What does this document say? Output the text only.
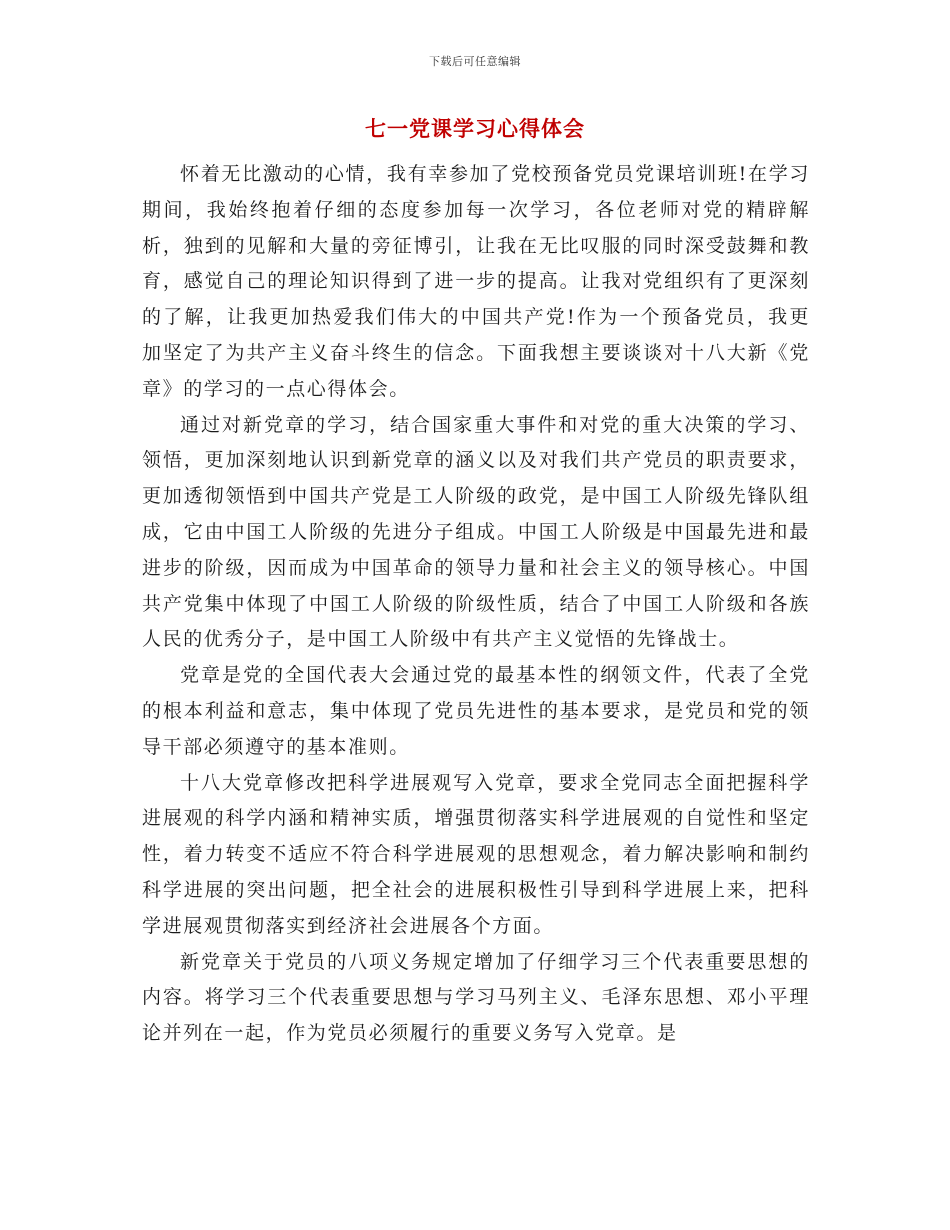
下载后可任意编辑
七一党课学习心得体会

怀着无比激动的心情，我有幸参加了党校预备党员党课培训班!在学习期间，我始终抱着仔细的态度参加每一次学习，各位老师对党的精辟解析，独到的见解和大量的旁征博引，让我在无比叹服的同时深受鼓舞和教育，感觉自己的理论知识得到了进一步的提高。让我对党组织有了更深刻的了解，让我更加热爱我们伟大的中国共产党!作为一个预备党员，我更加坚定了为共产主义奋斗终生的信念。下面我想主要谈谈对十八大新《党章》的学习的一点心得体会。

通过对新党章的学习，结合国家重大事件和对党的重大决策的学习、领悟，更加深刻地认识到新党章的涵义以及对我们共产党员的职责要求，更加透彻领悟到中国共产党是工人阶级的政党，是中国工人阶级先锋队组成，它由中国工人阶级的先进分子组成。中国工人阶级是中国最先进和最进步的阶级，因而成为中国革命的领导力量和社会主义的领导核心。中国共产党集中体现了中国工人阶级的阶级性质，结合了中国工人阶级和各族人民的优秀分子，是中国工人阶级中有共产主义觉悟的先锋战士。

党章是党的全国代表大会通过党的最基本性的纲领文件，代表了全党的根本利益和意志，集中体现了党员先进性的基本要求，是党员和党的领导干部必须遵守的基本准则。

十八大党章修改把科学进展观写入党章，要求全党同志全面把握科学进展观的科学内涵和精神实质，增强贯彻落实科学进展观的自觉性和坚定性，着力转变不适应不符合科学进展观的思想观念，着力解决影响和制约科学进展的突出问题，把全社会的进展积极性引导到科学进展上来，把科学进展观贯彻落实到经济社会进展各个方面。

新党章关于党员的八项义务规定增加了仔细学习三个代表重要思想的内容。将学习三个代表重要思想与学习马列主义、毛泽东思想、邓小平理论并列在一起，作为党员必须履行的重要义务写入党章。是
